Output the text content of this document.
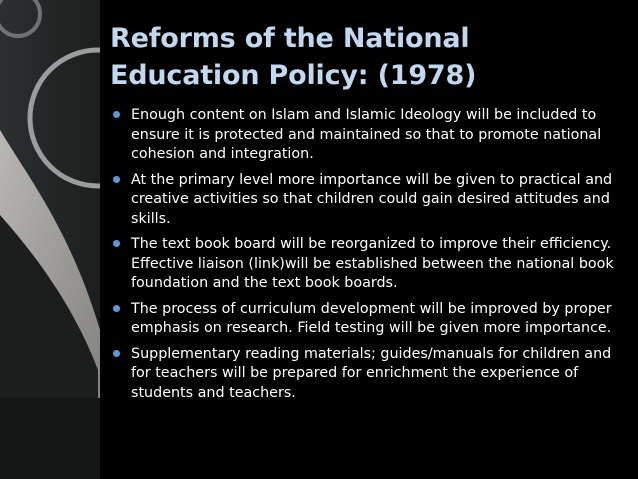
Reforms of the National Education Policy: (1978)
Enough content on Islam and Islamic Ideology will be included to ensure it is protected and maintained so that to promote national cohesion and integration.
At the primary level more importance will be given to practical and creative activities so that children could gain desired attitudes and skills.
The text book board will be reorganized to improve their efficiency. Effective liaison (link)will be established between the national book foundation and the text book boards.
The process of curriculum development will be improved by proper emphasis on research. Field testing will be given more importance.
Supplementary reading materials; guides/manuals for children and for teachers will be prepared for enrichment the experience of students and teachers.
